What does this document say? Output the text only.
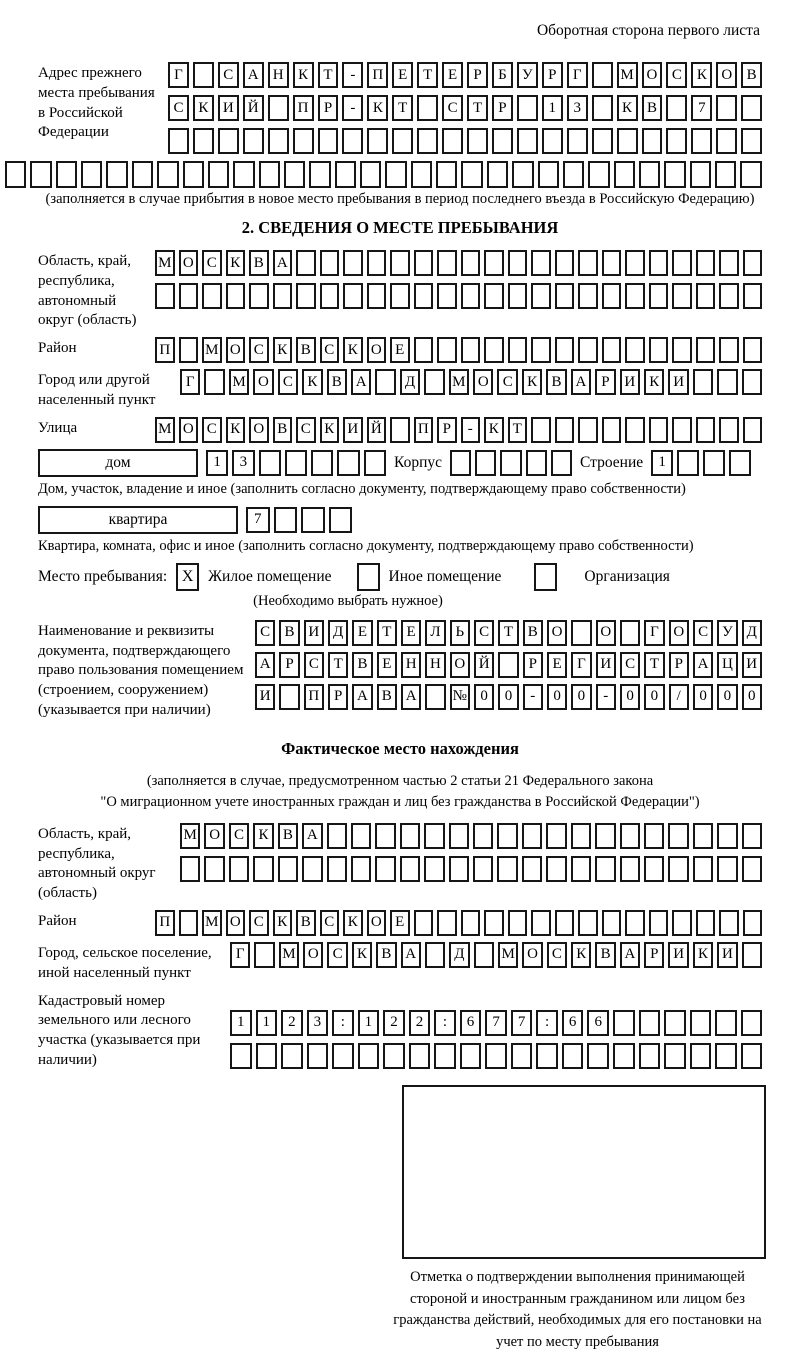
Оборотная сторона первого листа
Адрес прежнего места пребывания в Российской Федерации
Г	С А Н К	Т	-	П Е	Т	Е	Р	Б	У	Р	Г	М О С К О В
С К И Й	П	Р	-	К	Т	С	Т	Р	1	3	К В	7
(заполняется в случае прибытия в новое место пребывания в период последнего въезда в Российскую Федерацию)
2. СВЕДЕНИЯ О МЕСТЕ ПРЕБЫВАНИЯ
Область, край, республика, автономный округ (область)
М О С К В А
Район	П М О С К В С К О Е
Город или другой населенный пункт
Г	М О С К В А	Д	М О С К В А Р И К И
Улица	М О С К О В С К И Й П Р	-	К Т
дом	1	3	Корпус	Строение	1
Дом, участок, владение и иное (заполнить согласно документу, подтверждающему право собственности)
квартира	7
Квартира, комната, офис и иное (заполнить согласно документу, подтверждающему право собственности)
Место пребывания: X Жилое помещение	Иное помещение	Организация
(Необходимо выбрать нужное)
Наименование и реквизиты документа, подтверждающего право пользования помещением (строением, сооружением) (указывается при наличии)
С В И Д Е	Т	Е Л Ь	С Т В О	О	Г О С У Д
А Р	С Т В Е Н Н О Й	Р	Е	Г И С Т	Р А Ц И
И	П Р А В А	№ 0	0	-	0	0	-	0	0	/	0	0	0
Фактическое место нахождения
(заполняется в случае, предусмотренном частью 2 статьи 21 Федерального закона
"О миграционном учете иностранных граждан и лиц без гражданства в Российской Федерации")
Область, край, республика, автономный округ (область)
М О С К В А
Район	П М О С К В С К О Е
Город, сельское поселение, иной населенный пункт
Г	М О С К В А	Д	М О С К В А Р И К И
Кадастровый номер земельного или лесного участка (указывается при наличии)
1	1	2	3	:	1	2	2	:	6	7	7	:	6	6
Отметка о подтверждении выполнения принимающей стороной и иностранным гражданином или лицом без гражданства действий, необходимых для его постановки на учет по месту пребывания
